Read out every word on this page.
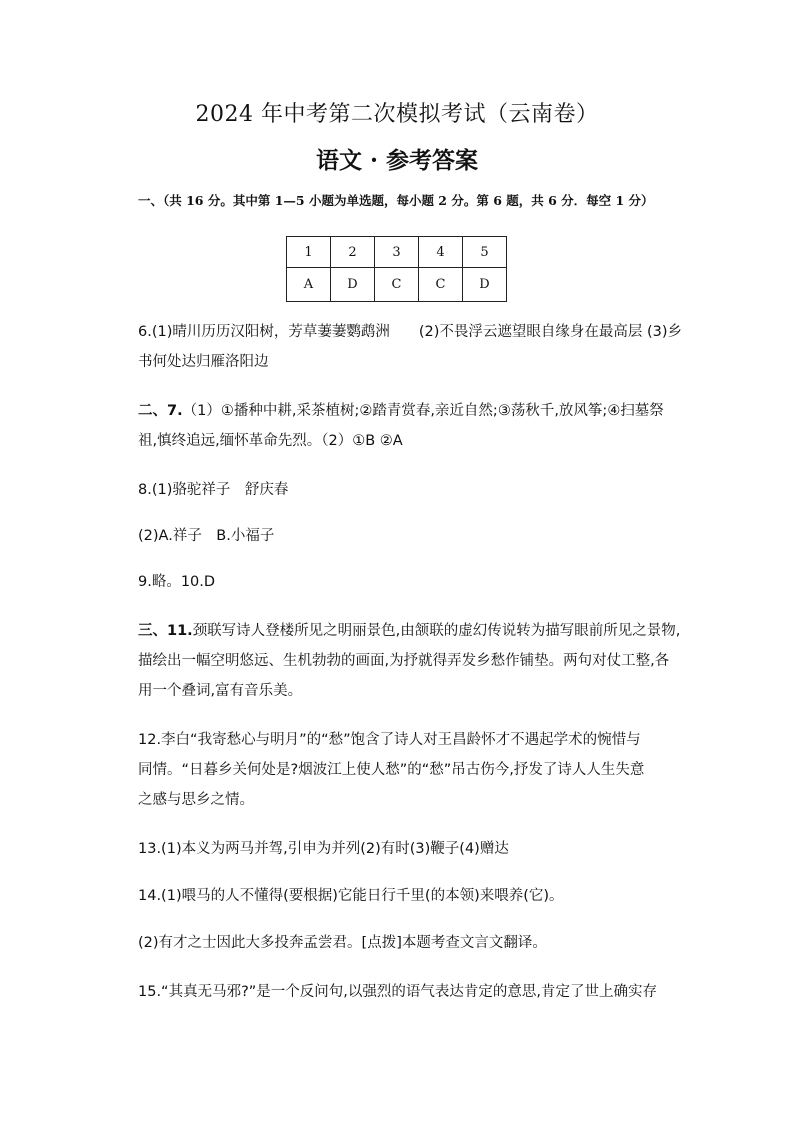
2024 年中考第二次模拟考试（云南卷）
语文 · 参考答案
一、（共 16 分。其中第 1—5 小题为单选题，每小题 2 分。第 6 题，共 6 分．每空 1 分）
1	2	3	4	5
A	D	C	C	D

6.(1)晴川历历汉阳树，芳草萋萋鹦鹉洲　　(2)不畏浮云遮望眼自缘身在最高层 (3)乡

书何处达归雁洛阳边

二、7.（1）①播种中耕,采茶植树;②踏青赏春,亲近自然;③荡秋千,放风筝;④扫墓祭

祖,慎终追远,缅怀革命先烈。（2）①B ②A

8.(1)骆驼祥子　舒庆春

(2)A.祥子　B.小福子

9.略。10.D

三、11.颈联写诗人登楼所见之明丽景色,由颔联的虚幻传说转为描写眼前所见之景物,

描绘出一幅空明悠远、生机勃勃的画面,为抒就得弄发乡愁作铺垫。两句对仗工整,各

用一个叠词,富有音乐美。

12.李白“我寄愁心与明月”的“愁”饱含了诗人对王昌龄怀才不遇起学术的惋惜与

同情。“日暮乡关何处是?烟波江上使人愁”的“愁”吊古伤今,抒发了诗人人生失意

之感与思乡之情。

13.(1)本义为两马并驾,引申为并列(2)有时(3)鞭子(4)赠达

14.(1)喂马的人不懂得(要根据)它能日行千里(的本领)来喂养(它)。

(2)有才之士因此大多投奔孟尝君。[点拨]本题考查文言文翻译。

15.“其真无马邪?”是一个反问句,以强烈的语气表达肯定的意思,肯定了世上确实存
